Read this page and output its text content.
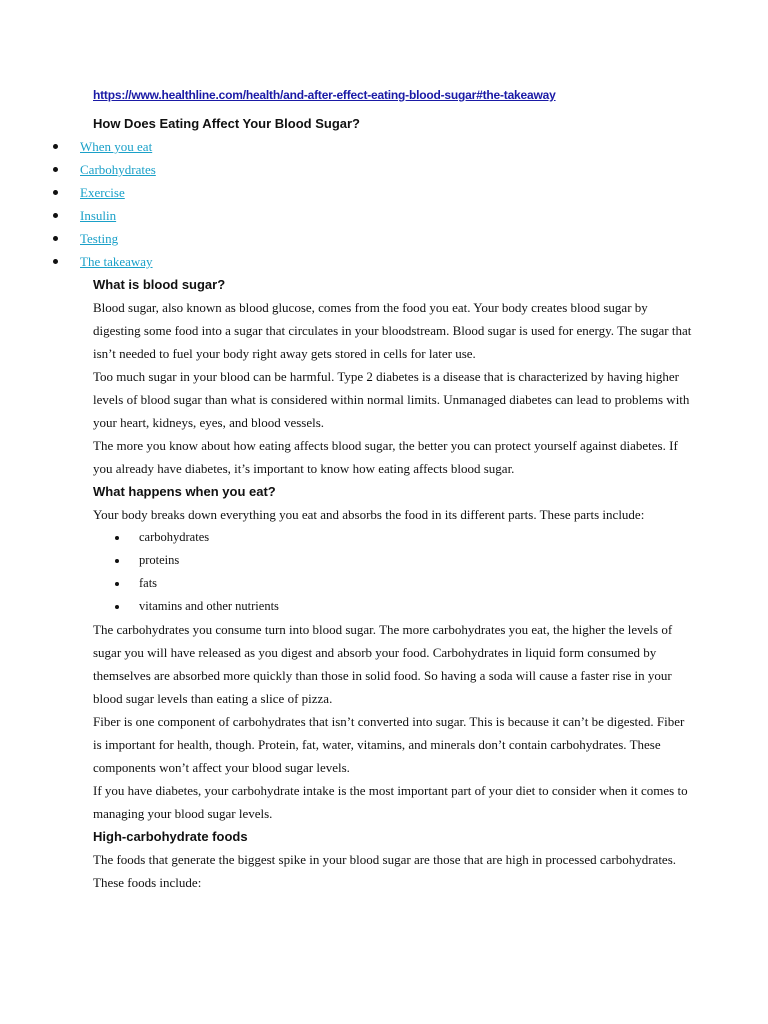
https://www.healthline.com/health/and-after-effect-eating-blood-sugar#the-takeaway
How Does Eating Affect Your Blood Sugar?
When you eat
Carbohydrates
Exercise
Insulin
Testing
The takeaway
What is blood sugar?

Blood sugar, also known as blood glucose, comes from the food you eat. Your body creates blood sugar by digesting some food into a sugar that circulates in your bloodstream. Blood sugar is used for energy. The sugar that isn’t needed to fuel your body right away gets stored in cells for later use.

Too much sugar in your blood can be harmful. Type 2 diabetes is a disease that is characterized by having higher levels of blood sugar than what is considered within normal limits. Unmanaged diabetes can lead to problems with your heart, kidneys, eyes, and blood vessels.

The more you know about how eating affects blood sugar, the better you can protect yourself against diabetes. If you already have diabetes, it’s important to know how eating affects blood sugar.

What happens when you eat?

Your body breaks down everything you eat and absorbs the food in its different parts. These parts include:

carbohydrates
proteins
fats
vitamins and other nutrients

The carbohydrates you consume turn into blood sugar. The more carbohydrates you eat, the higher the levels of sugar you will have released as you digest and absorb your food. Carbohydrates in liquid form consumed by themselves are absorbed more quickly than those in solid food. So having a soda will cause a faster rise in your blood sugar levels than eating a slice of pizza.

Fiber is one component of carbohydrates that isn’t converted into sugar. This is because it can’t be digested. Fiber is important for health, though. Protein, fat, water, vitamins, and minerals don’t contain carbohydrates. These components won’t affect your blood sugar levels.

If you have diabetes, your carbohydrate intake is the most important part of your diet to consider when it comes to managing your blood sugar levels.

High-carbohydrate foods

The foods that generate the biggest spike in your blood sugar are those that are high in processed carbohydrates. These foods include:
